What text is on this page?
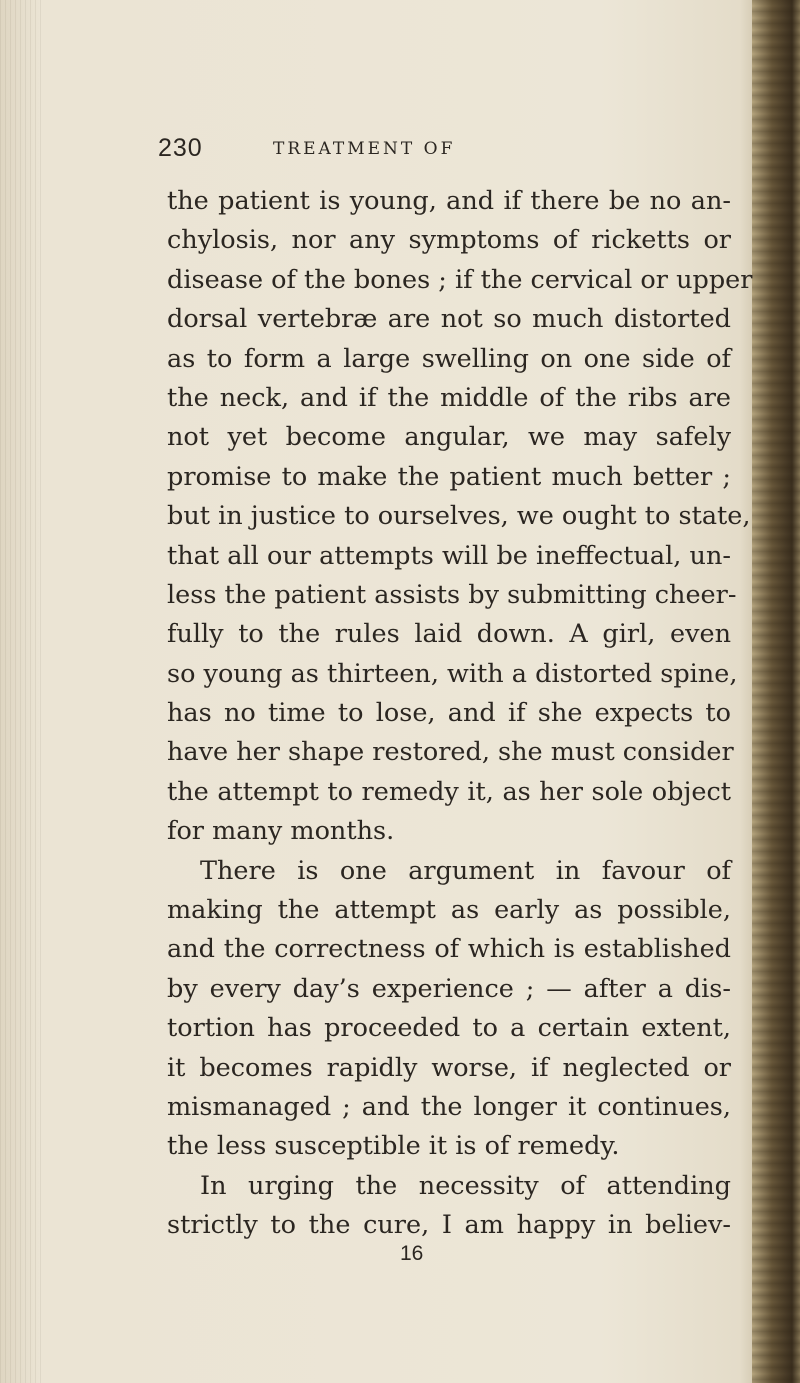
230	TREATMENT OF
the patient is young, and if there be no an-
chylosis, nor any symptoms of ricketts or
disease of the bones ; if the cervical or upper
dorsal vertebræ are not so much distorted
as to form a large swelling on one side of
the neck, and if the middle of the ribs are
not yet become angular, we may safely
promise to make the patient much better ;
but in justice to ourselves, we ought to state,
that all our attempts will be ineffectual, un-
less the patient assists by submitting cheer-
fully to the rules laid down. A girl, even
so young as thirteen, with a distorted spine,
has no time to lose, and if she expects to
have her shape restored, she must consider
the attempt to remedy it, as her sole object
for many months.
There is one argument in favour of
making the attempt as early as possible,
and the correctness of which is established
by every day’s experience ; — after a dis-
tortion has proceeded to a certain extent,
it becomes rapidly worse, if neglected or
mismanaged ; and the longer it continues,
the less susceptible it is of remedy.
In urging the necessity of attending
strictly to the cure, I am happy in believ-
16
